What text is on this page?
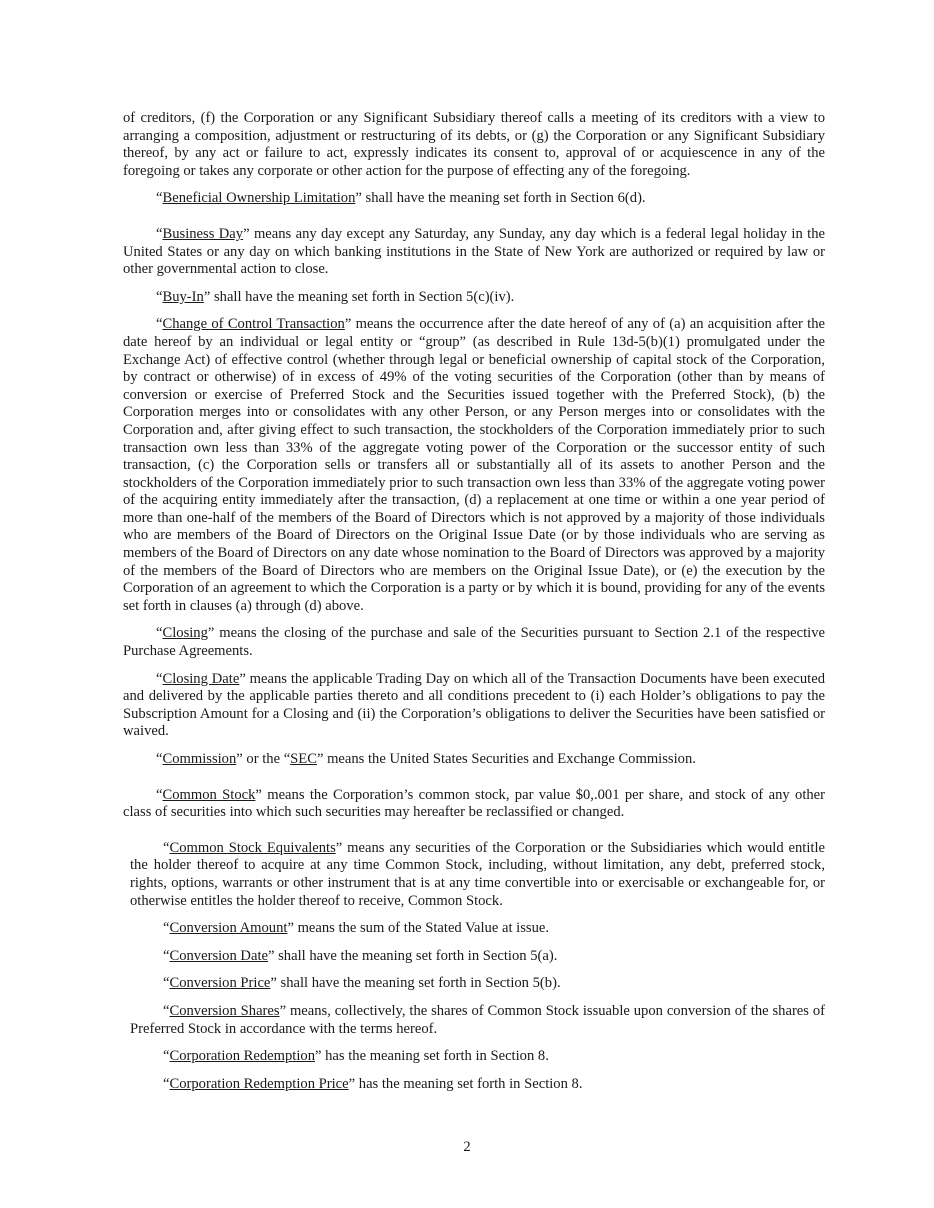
of creditors, (f) the Corporation or any Significant Subsidiary thereof calls a meeting of its creditors with a view to arranging a composition, adjustment or restructuring of its debts, or (g) the Corporation or any Significant Subsidiary thereof, by any act or failure to act, expressly indicates its consent to, approval of or acquiescence in any of the foregoing or takes any corporate or other action for the purpose of effecting any of the foregoing.

“Beneficial Ownership Limitation” shall have the meaning set forth in Section 6(d).

“Business Day” means any day except any Saturday, any Sunday, any day which is a federal legal holiday in the United States or any day on which banking institutions in the State of New York are authorized or required by law or other governmental action to close.

“Buy-In” shall have the meaning set forth in Section 5(c)(iv).

“Change of Control Transaction” means the occurrence after the date hereof of any of (a) an acquisition after the date hereof by an individual or legal entity or “group” (as described in Rule 13d-5(b)(1) promulgated under the Exchange Act) of effective control (whether through legal or beneficial ownership of capital stock of the Corporation, by contract or otherwise) of in excess of 49% of the voting securities of the Corporation (other than by means of conversion or exercise of Preferred Stock and the Securities issued together with the Preferred Stock), (b) the Corporation merges into or consolidates with any other Person, or any Person merges into or consolidates with the Corporation and, after giving effect to such transaction, the stockholders of the Corporation immediately prior to such transaction own less than 33% of the aggregate voting power of the Corporation or the successor entity of such transaction, (c) the Corporation sells or transfers all or substantially all of its assets to another Person and the stockholders of the Corporation immediately prior to such transaction own less than 33% of the aggregate voting power of the acquiring entity immediately after the transaction, (d) a replacement at one time or within a one year period of more than one-half of the members of the Board of Directors which is not approved by a majority of those individuals who are members of the Board of Directors on the Original Issue Date (or by those individuals who are serving as members of the Board of Directors on any date whose nomination to the Board of Directors was approved by a majority of the members of the Board of Directors who are members on the Original Issue Date), or (e) the execution by the Corporation of an agreement to which the Corporation is a party or by which it is bound, providing for any of the events set forth in clauses (a) through (d) above.

“Closing” means the closing of the purchase and sale of the Securities pursuant to Section 2.1 of the respective Purchase Agreements.

“Closing Date” means the applicable Trading Day on which all of the Transaction Documents have been executed and delivered by the applicable parties thereto and all conditions precedent to (i) each Holder’s obligations to pay the Subscription Amount for a Closing and (ii) the Corporation’s obligations to deliver the Securities have been satisfied or waived.

“Commission” or the “SEC” means the United States Securities and Exchange Commission.

“Common Stock” means the Corporation’s common stock, par value $0,.001 per share, and stock of any other class of securities into which such securities may hereafter be reclassified or changed.

“Common Stock Equivalents” means any securities of the Corporation or the Subsidiaries which would entitle the holder thereof to acquire at any time Common Stock, including, without limitation, any debt, preferred stock, rights, options, warrants or other instrument that is at any time convertible into or exercisable or exchangeable for, or otherwise entitles the holder thereof to receive, Common Stock.

“Conversion Amount” means the sum of the Stated Value at issue.

“Conversion Date” shall have the meaning set forth in Section 5(a).

“Conversion Price” shall have the meaning set forth in Section 5(b).

“Conversion Shares” means, collectively, the shares of Common Stock issuable upon conversion of the shares of Preferred Stock in accordance with the terms hereof.

“Corporation Redemption” has the meaning set forth in Section 8.

“Corporation Redemption Price” has the meaning set forth in Section 8.

2
